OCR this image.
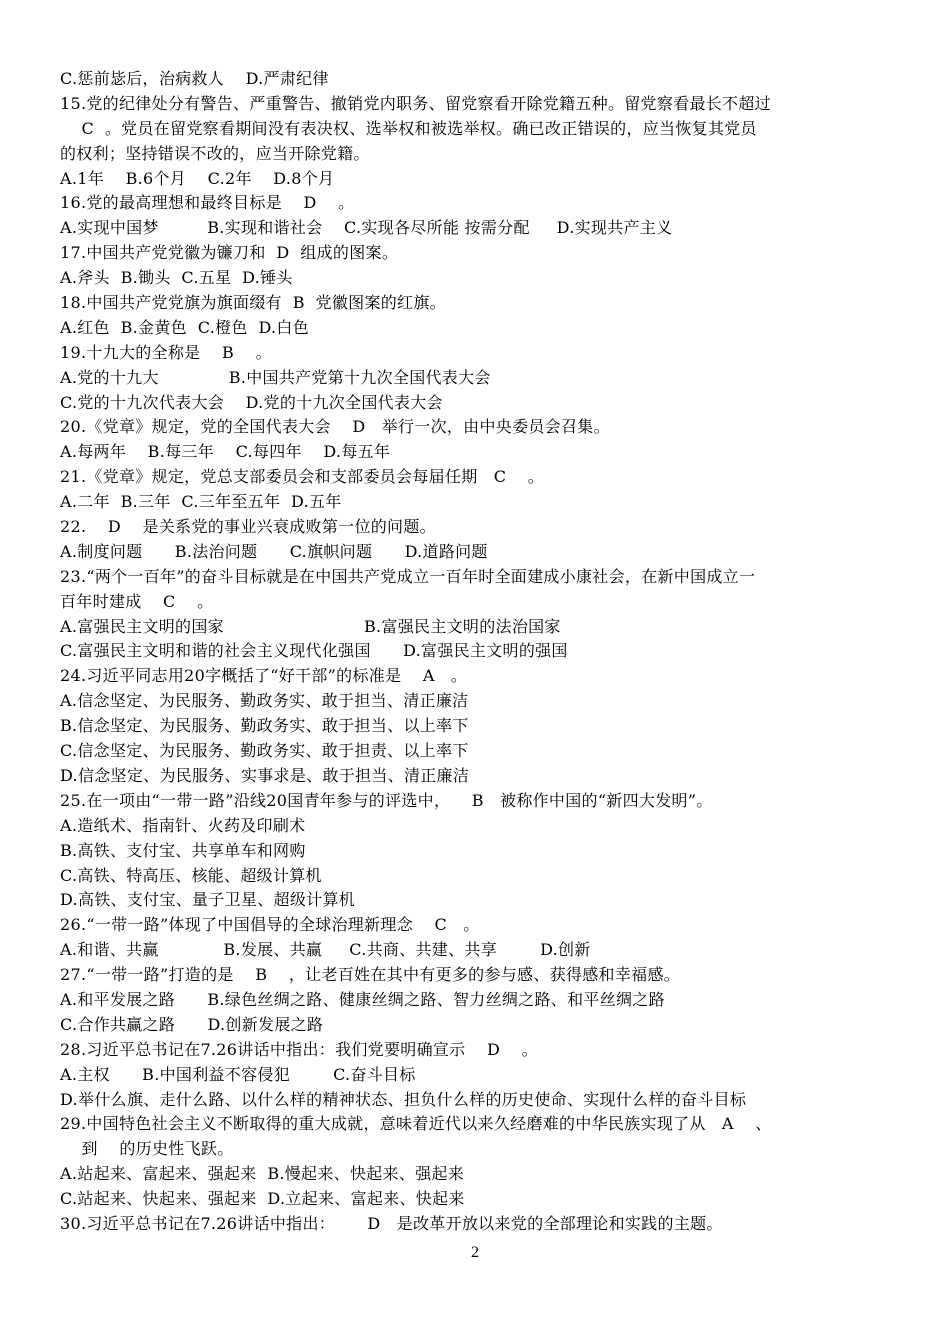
C.惩前毖后，治病救人    D.严肃纪律
15.党的纪律处分有警告、严重警告、撤销党内职务、留党察看开除党籍五种。留党察看最长不超过
C  。党员在留党察看期间没有表决权、选举权和被选举权。确已改正错误的，应当恢复其党员
的权利；坚持错误不改的，应当开除党籍。
A.1年    B.6个月    C.2年    D.8个月
16.党的最高理想和最终目标是    D    。
A.实现中国梦         B.实现和谐社会    C.实现各尽所能 按需分配     D.实现共产主义
17.中国共产党党徽为镰刀和  D  组成的图案。
A.斧头  B.锄头  C.五星  D.锤头
18.中国共产党党旗为旗面缀有  B  党徽图案的红旗。
A.红色  B.金黄色  C.橙色  D.白色
19.十九大的全称是    B    。
A.党的十九大             B.中国共产党第十九次全国代表大会
C.党的十九次代表大会    D.党的十九次全国代表大会
20.《党章》规定，党的全国代表大会    D   举行一次，由中央委员会召集。
A.每两年    B.每三年    C.每四年    D.每五年
21.《党章》规定，党总支部委员会和支部委员会每届任期   C    。
A.二年  B.三年  C.三年至五年  D.五年
22.    D    是关系党的事业兴衰成败第一位的问题。
A.制度问题      B.法治问题      C.旗帜问题      D.道路问题
23.“两个一百年”的奋斗目标就是在中国共产党成立一百年时全面建成小康社会，在新中国成立一
百年时建成    C    。
A.富强民主文明的国家                          B.富强民主文明的法治国家
C.富强民主文明和谐的社会主义现代化强国      D.富强民主文明的强国
24.习近平同志用20字概括了“好干部”的标准是    A   。
A.信念坚定、为民服务、勤政务实、敢于担当、清正廉洁
B.信念坚定、为民服务、勤政务实、敢于担当、以上率下
C.信念坚定、为民服务、勤政务实、敢于担责、以上率下
D.信念坚定、为民服务、实事求是、敢于担当、清正廉洁
25.在一项由“一带一路”沿线20国青年参与的评选中，    B   被称作中国的“新四大发明”。
A.造纸术、指南针、火药及印刷术
B.高铁、支付宝、共享单车和网购
C.高铁、特高压、核能、超级计算机
D.高铁、支付宝、量子卫星、超级计算机
26.“一带一路”体现了中国倡导的全球治理新理念    C   。
A.和谐、共赢            B.发展、共赢     C.共商、共建、共享        D.创新
27.“一带一路”打造的是    B    ，让老百姓在其中有更多的参与感、获得感和幸福感。
A.和平发展之路      B.绿色丝绸之路、健康丝绸之路、智力丝绸之路、和平丝绸之路
C.合作共赢之路      D.创新发展之路
28.习近平总书记在7.26讲话中指出：我们党要明确宣示    D    。
A.主权      B.中国利益不容侵犯        C.奋斗目标
D.举什么旗、走什么路、以什么样的精神状态、担负什么样的历史使命、实现什么样的奋斗目标
29.中国特色社会主义不断取得的重大成就，意味着近代以来久经磨难的中华民族实现了从   A    、
到    的历史性飞跃。
A.站起来、富起来、强起来  B.慢起来、快起来、强起来
C.站起来、快起来、强起来  D.立起来、富起来、快起来
30.习近平总书记在7.26讲话中指出：      D   是改革开放以来党的全部理论和实践的主题。
2
